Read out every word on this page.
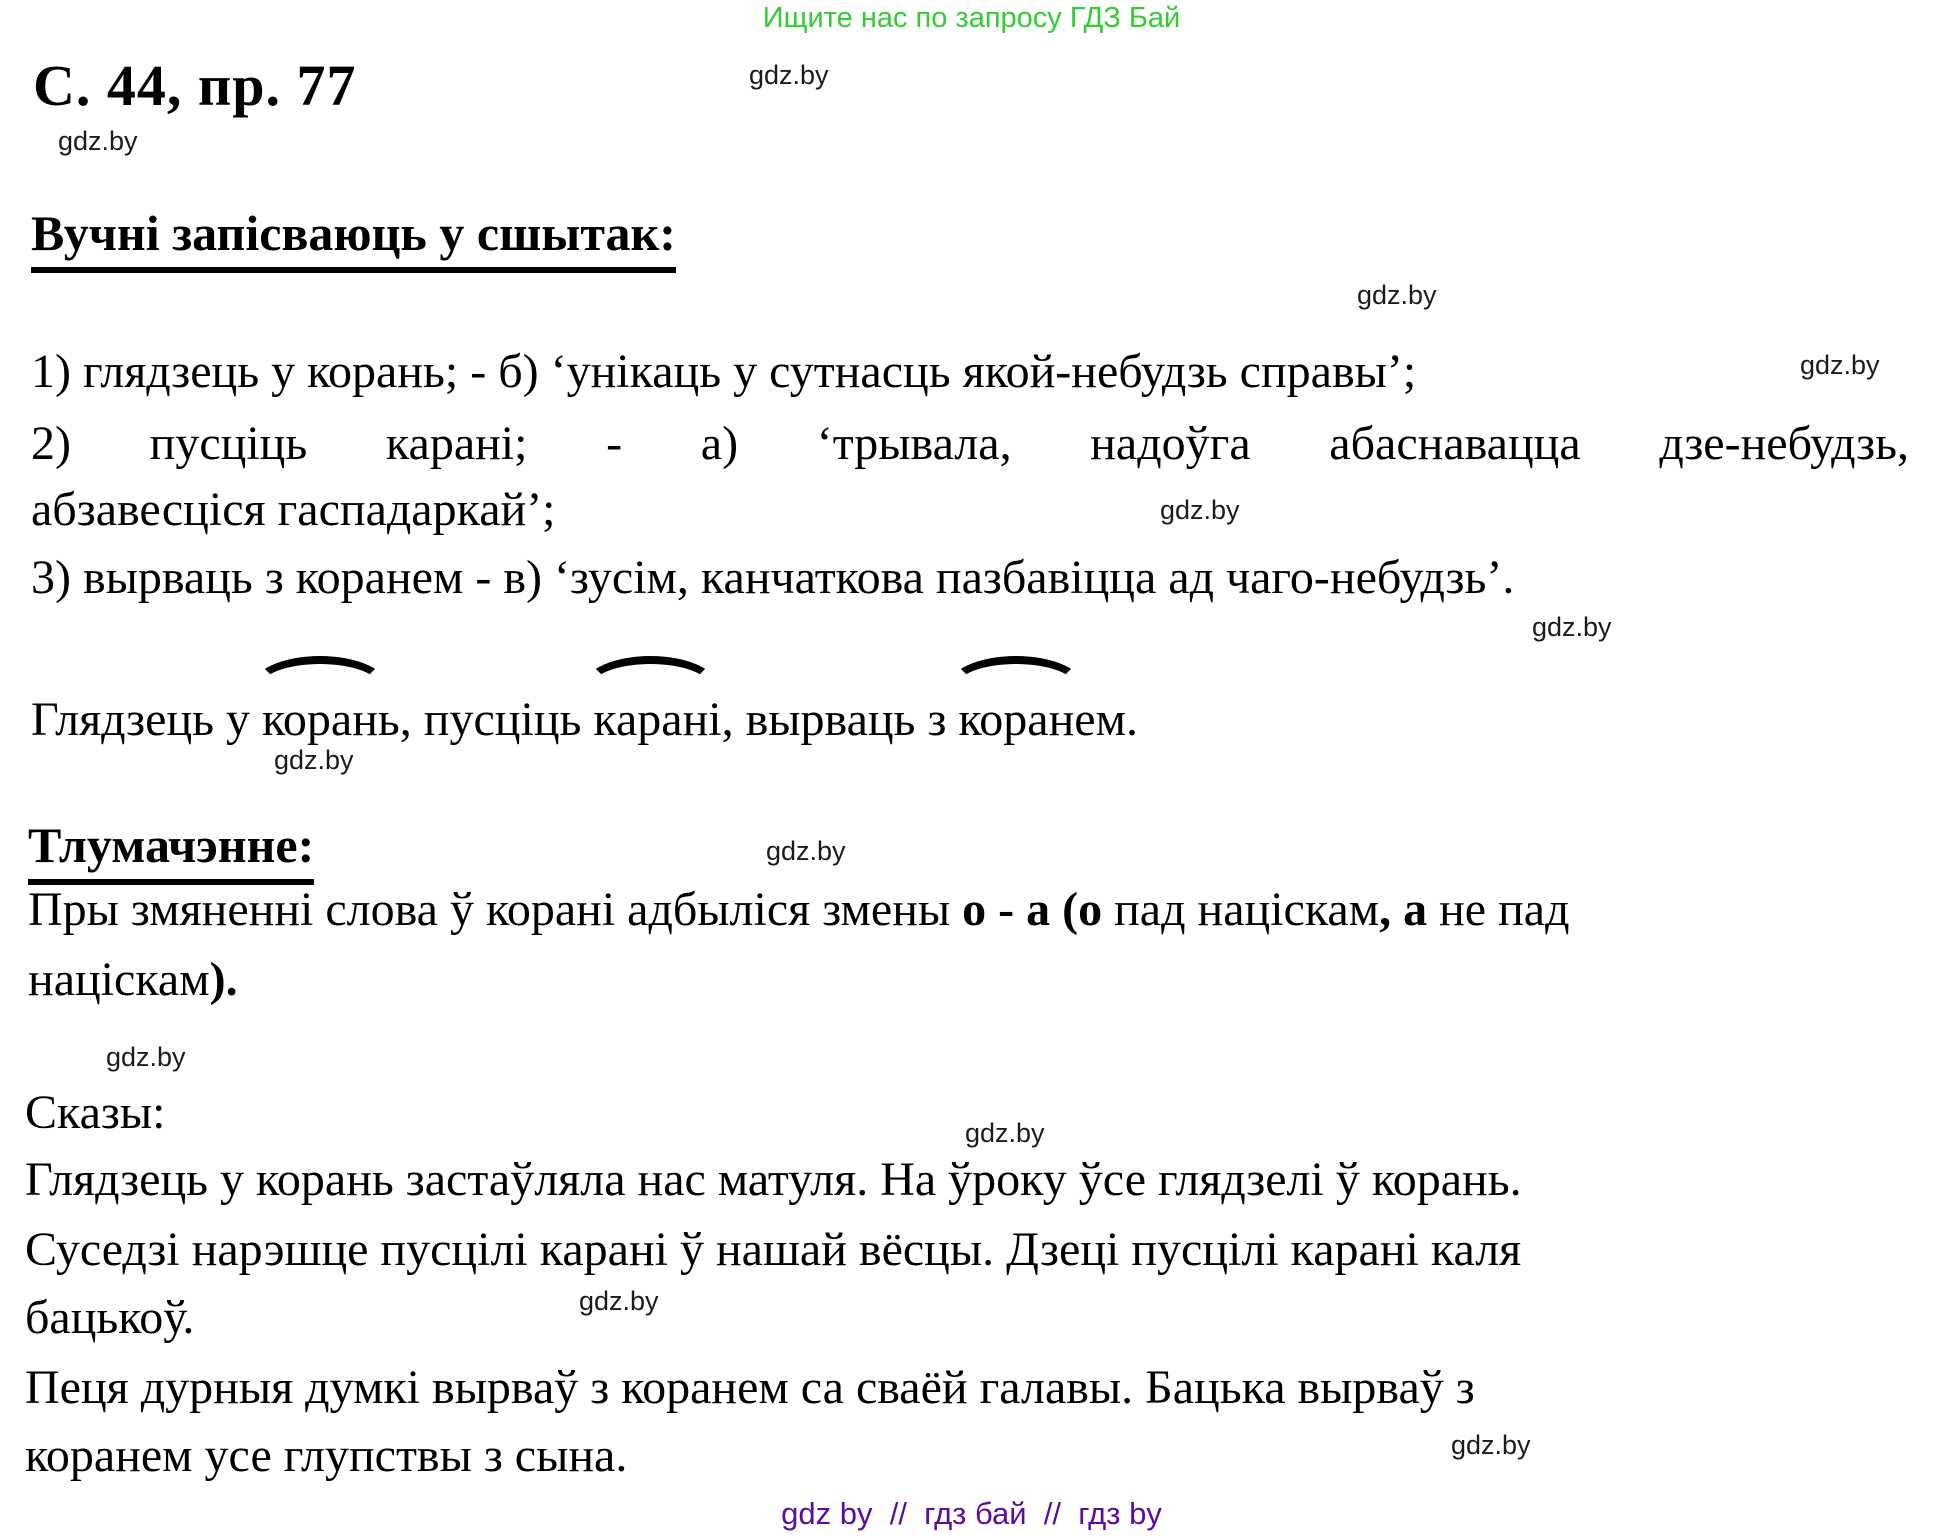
Ищите нас по запросу ГДЗ Бай
gdz.by
gdz.by
gdz.by
gdz.by
gdz.by
gdz.by
gdz.by
gdz.by
gdz.by
gdz.by
gdz.by
gdz.by
С. 44, пр. 77
Вучні запісваюць у сшытак:
1) глядзець у корань; - б) ‘унікаць у сутнасць якой-небудзь справы’;
2) пусціць карані; - а) ‘трывала, надоўга абаснавацца дзе-небудзь,
абзавесціся гаспадаркай’;
3) вырваць з коранем - в) ‘зусім, канчаткова пазбавіцца ад чаго-небудзь’.
Глядзець у корань, пусціць карані, вырваць з коранем.
Тлумачэнне:
Пры змяненні слова ў корані адбыліся змены о - а (о пад націскам, а не пад
націскам).
Сказы:
Глядзець у корань застаўляла нас матуля. На ўроку ўсе глядзелі ў корань.
Суседзі нарэшце пусцілі карані ў нашай вёсцы. Дзеці пусцілі карані каля
бацькоў.
Пеця дурныя думкі вырваў з коранем са сваёй галавы. Бацька вырваў з
коранем усе глупствы з сына.
gdz by  //  гдз бай  //  гдз by
